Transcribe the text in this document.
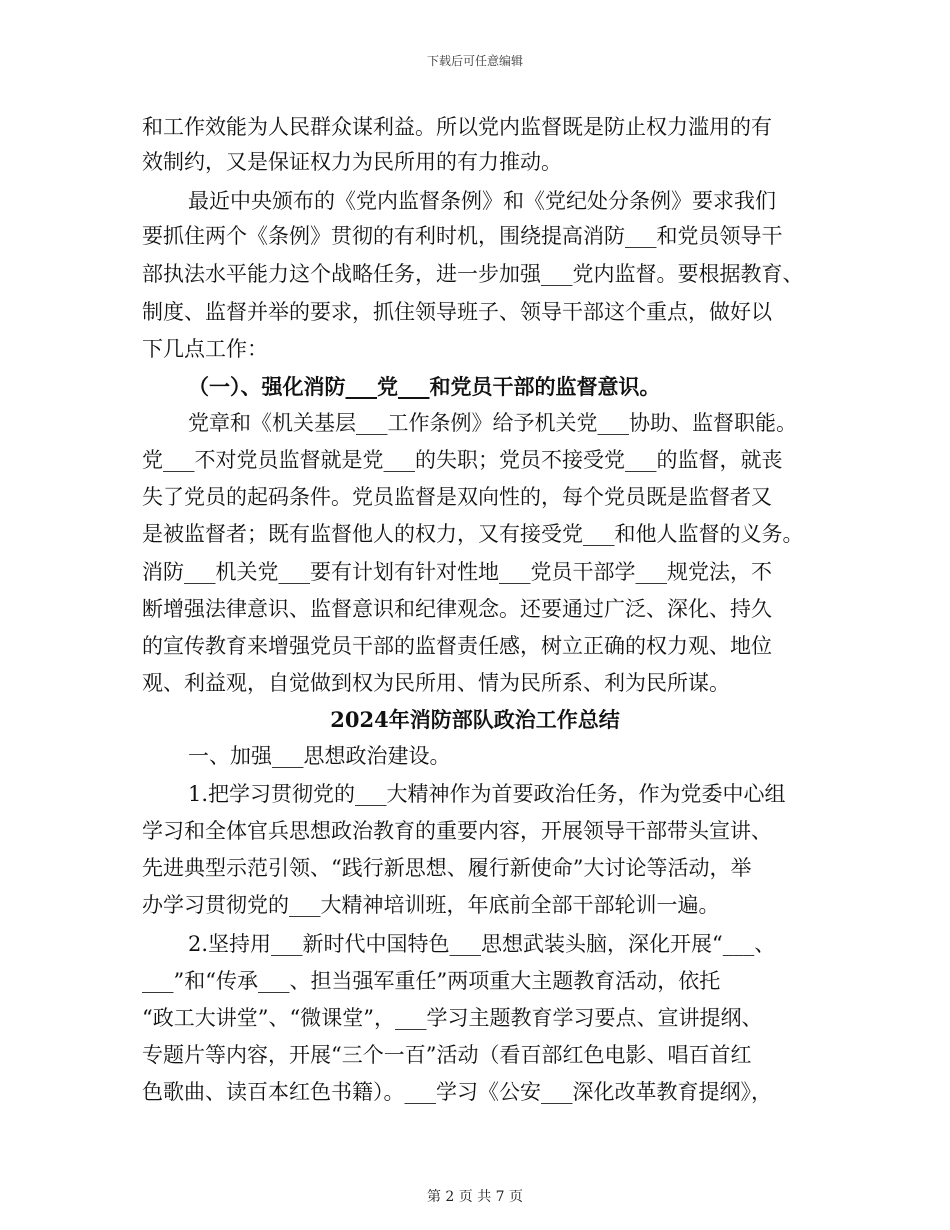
下载后可任意编辑
和工作效能为人民群众谋利益。所以党内监督既是防止权力滥用的有
效制约，又是保证权力为民所用的有力推动。
最近中央颁布的《党内监督条例》和《党纪处分条例》要求我们
要抓住两个《条例》贯彻的有利时机，围绕提高消防___和党员领导干
部执法水平能力这个战略任务，进一步加强___党内监督。要根据教育、
制度、监督并举的要求，抓住领导班子、领导干部这个重点，做好以
下几点工作：
（一）、强化消防___党___和党员干部的监督意识。
党章和《机关基层___工作条例》给予机关党___协助、监督职能。
党___不对党员监督就是党___的失职；党员不接受党___的监督，就丧
失了党员的起码条件。党员监督是双向性的，每个党员既是监督者又
是被监督者；既有监督他人的权力，又有接受党___和他人监督的义务。
消防___机关党___要有计划有针对性地___党员干部学___规党法，不
断增强法律意识、监督意识和纪律观念。还要通过广泛、深化、持久
的宣传教育来增强党员干部的监督责任感，树立正确的权力观、地位
观、利益观，自觉做到权为民所用、情为民所系、利为民所谋。
2024年消防部队政治工作总结
一、加强___思想政治建设。
1.把学习贯彻党的___大精神作为首要政治任务，作为党委中心组
学习和全体官兵思想政治教育的重要内容，开展领导干部带头宣讲、
先进典型示范引领、“践行新思想、履行新使命”大讨论等活动，举
办学习贯彻党的___大精神培训班，年底前全部干部轮训一遍。
2.坚持用___新时代中国特色___思想武装头脑，深化开展“___、
___”和“传承___、担当强军重任”两项重大主题教育活动，依托
“政工大讲堂”、“微课堂”，___学习主题教育学习要点、宣讲提纲、
专题片等内容，开展“三个一百”活动（看百部红色电影、唱百首红
色歌曲、读百本红色书籍）。___学习《公安___深化改革教育提纲》，
第 2 页 共 7 页
